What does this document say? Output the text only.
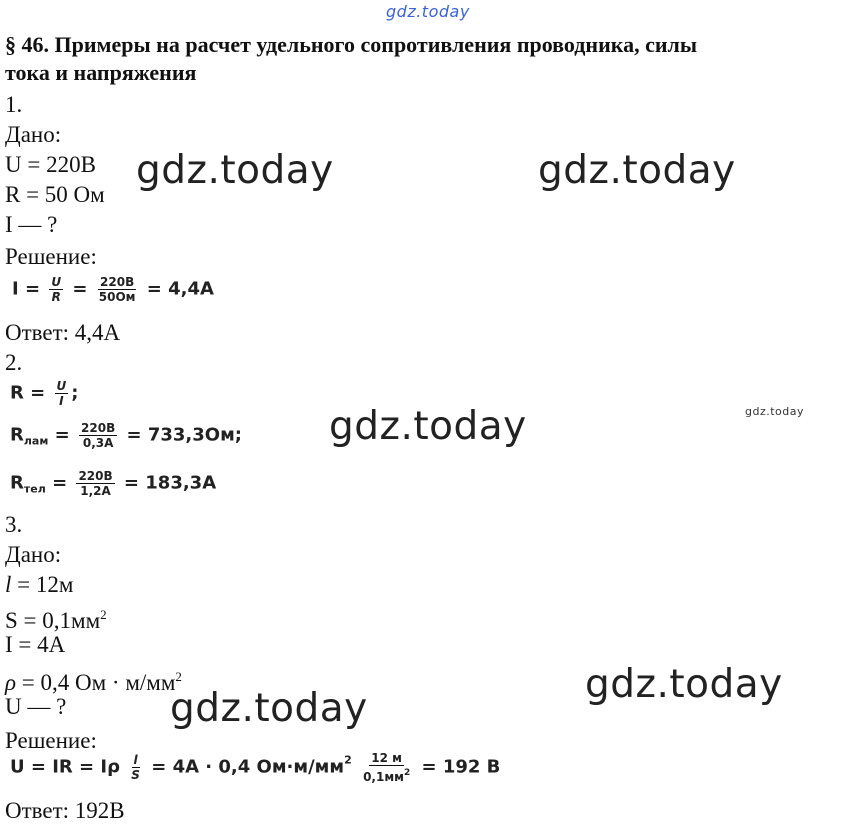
gdz.today
gdz.today	gdz.today
gdz.today	gdz.today
gdz.today
gdz.today
§ 46. Примеры на расчет удельного сопротивления проводника, силы
тока и напряжения
1.
Дано:
U = 220В
R = 50 Ом
I — ?
Решение:
$I = \frac{U}{R} = \frac{220В}{50Ом} = 4,4А$
Ответ: 4,4А
2.
$R = \frac{U}{I}$ ;
$R_{лам} = \frac{220В}{0,3А} = 733,3Ом$;
$R_{тел} = \frac{220В}{1,2А} = 183,3А$
3.
Дано:
l = 12м
$S = 0,1мм^2$
I = 4А
ρ = 0,4 Ом · $м/мм^2$
U — ?
Решение:
U = IR = Iρ $\frac{l}{S} = 4А \cdot 0,4$ $Ом\cdot м/мм^2 \frac{12 м}{0,1мм^2} = 192$ В
Ответ: 192В
